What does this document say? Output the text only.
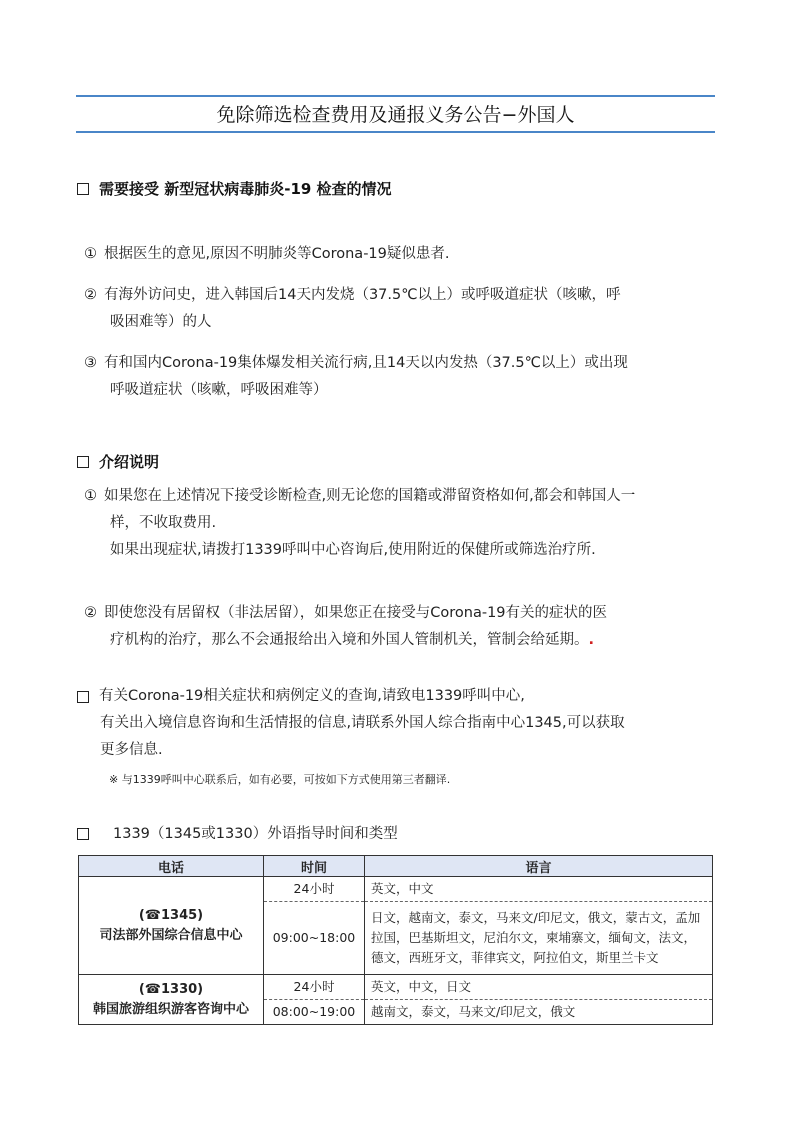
免除筛选检查费用及通报义务公告−外国人
需要接受 新型冠状病毒肺炎-19 检查的情况
① 根据医生的意见,原因不明肺炎等Corona-19疑似患者.
② 有海外访问史，进入韩国后14天内发烧（37.5℃以上）或呼吸道症状（咳嗽，呼
吸困难等）的人
③ 有和国内Corona-19集体爆发相关流行病,且14天以内发热（37.5℃以上）或出现
呼吸道症状（咳嗽，呼吸困难等）
介绍说明
① 如果您在上述情况下接受诊断检查,则无论您的国籍或滞留资格如何,都会和韩国人一
样，不收取费用.
如果出现症状,请拨打1339呼叫中心咨询后,使用附近的保健所或筛选治疗所.
② 即使您没有居留权（非法居留），如果您正在接受与Corona-19有关的症状的医
疗机构的治疗，那么不会通报给出入境和外国人管制机关，管制会给延期。.
有关Corona-19相关症状和病例定义的查询,请致电1339呼叫中心,
有关出入境信息咨询和生活情报的信息,请联系外国人综合指南中心1345,可以获取
更多信息.
※ 与1339呼叫中心联系后，如有必要，可按如下方式使用第三者翻译.
1339（1345或1330）外语指导时间和类型
电话	时间	语言

(☎1345)
司法部外国综合信息中心	24小时	英文，中文
	09:00~18:00	日文，越南文，泰文，马来文/印尼文，俄文，蒙古文，孟加拉国，巴基斯坦文，尼泊尔文，柬埔寨文，缅甸文，法文，德文，西班牙文，菲律宾文，阿拉伯文，斯里兰卡文

(☎1330)
韩国旅游组织游客咨询中心	24小时	英文，中文，日文
	08:00~19:00	越南文，泰文，马来文/印尼文，俄文
